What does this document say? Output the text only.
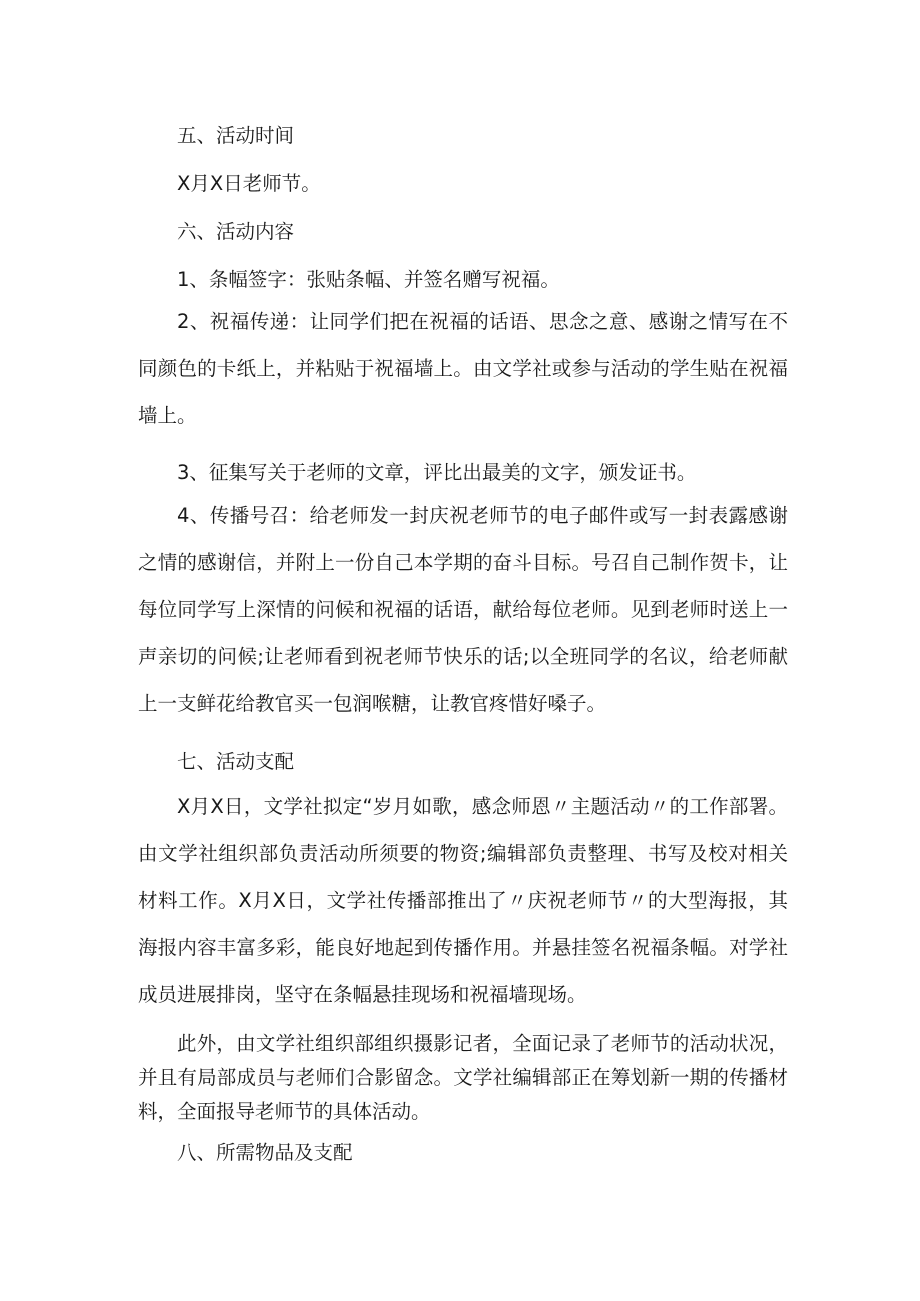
五、活动时间

X月X日老师节。

六、活动内容

1、条幅签字：张贴条幅、并签名赠写祝福。

2、祝福传递：让同学们把在祝福的话语、思念之意、感谢之情写在不同颜色的卡纸上，并粘贴于祝福墙上。由文学社或参与活动的学生贴在祝福墙上。

3、征集写关于老师的文章，评比出最美的文字，颁发证书。

4、传播号召：给老师发一封庆祝老师节的电子邮件或写一封表露感谢之情的感谢信，并附上一份自己本学期的奋斗目标。号召自己制作贺卡，让每位同学写上深情的问候和祝福的话语，献给每位老师。见到老师时送上一声亲切的问候;让老师看到祝老师节快乐的话;以全班同学的名议，给老师献上一支鲜花给教官买一包润喉糖，让教官疼惜好嗓子。

七、活动支配

X月X日，文学社拟定“岁月如歌，感念师恩〃主题活动〃的工作部署。由文学社组织部负责活动所须要的物资;编辑部负责整理、书写及校对相关材料工作。X月X日，文学社传播部推出了〃庆祝老师节〃的大型海报，其海报内容丰富多彩，能良好地起到传播作用。并悬挂签名祝福条幅。对学社成员进展排岗，坚守在条幅悬挂现场和祝福墙现场。

此外，由文学社组织部组织摄影记者，全面记录了老师节的活动状况，并且有局部成员与老师们合影留念。文学社编辑部正在筹划新一期的传播材料，全面报导老师节的具体活动。

八、所需物品及支配
